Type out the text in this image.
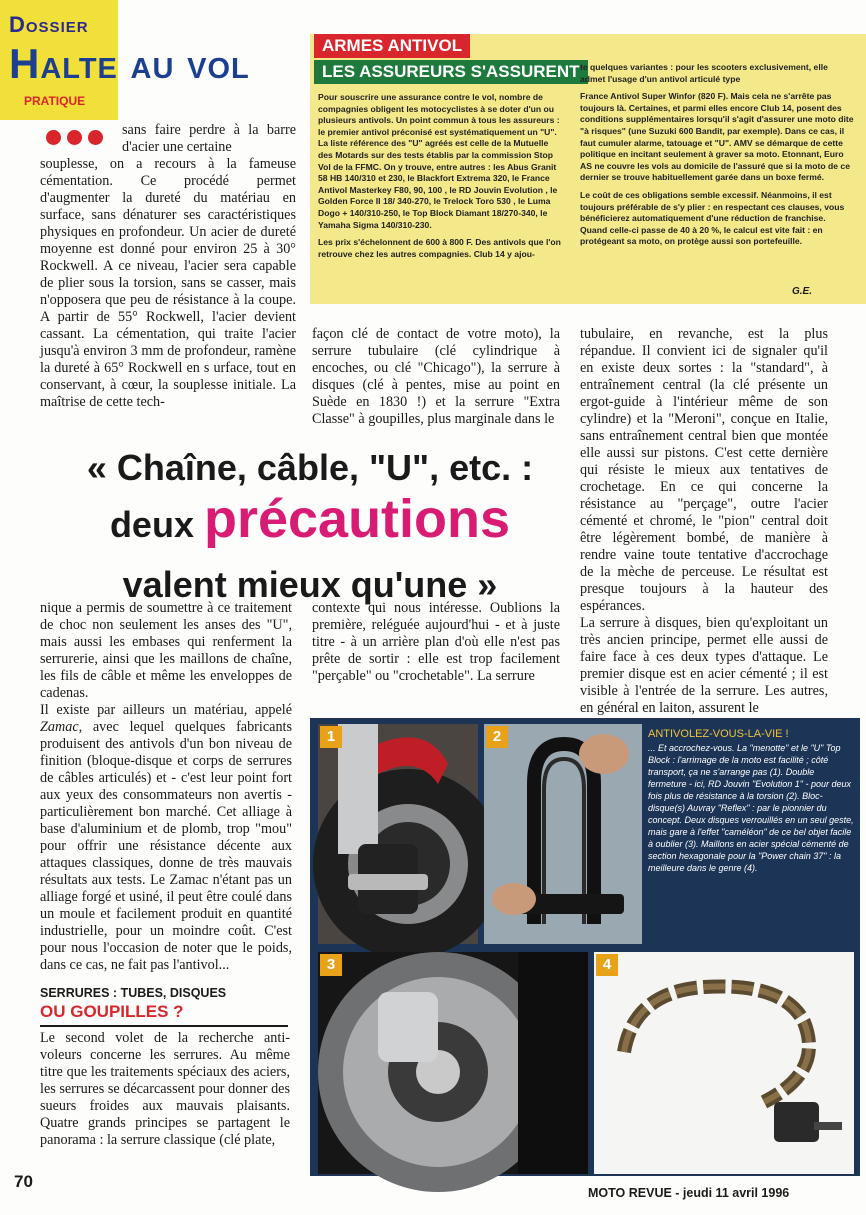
Dossier
Halte au vol
PRATIQUE
ARMES ANTIVOL
LES ASSUREURS S'ASSURENT

Pour souscrire une assurance contre le vol, nombre de compagnies obligent les motocyclistes à se doter d'un ou plusieurs antivols. Un point commun à tous les assureurs : le premier antivol préconisé est systématiquement un "U". La liste référence des "U" agréés est celle de la Mutuelle des Motards sur des tests établis par la commission Stop Vol de la FFMC. On y trouve, entre autres : les Abus Granit 58 HB 140/310 et 230, le Blackfort Extrema 320, le France Antivol Masterkey F80, 90, 100 , le RD Jouvin Evolution , le Golden Force II 18/ 340-270, le Trelock Toro 530 , le Luma Dogo + 140/310-250, le Top Block Diamant 18/270-340, le Yamaha Sigma 140/310-230.

Les prix s'échelonnent de 600 à 800 F. Des antivols que l'on retrouve chez les autres compagnies. Club 14 y ajou-

te quelques variantes : pour les scooters exclusivement, elle admet l'usage d'un antivol articulé type

France Antivol Super Winfor (820 F). Mais cela ne s'arrête pas toujours là. Certaines, et parmi elles encore Club 14, posent des conditions supplémentaires lorsqu'il s'agit d'assurer une moto dite "à risques" (une Suzuki 600 Bandit, par exemple). Dans ce cas, il faut cumuler alarme, tatouage et "U". AMV se démarque de cette politique en incitant seulement à graver sa moto. Etonnant, Euro AS ne couvre les vols au domicile de l'assuré que si la moto de ce dernier se trouve habituellement garée dans un boxe fermé.

Le coût de ces obligations semble excessif. Néanmoins, il est toujours préférable de s'y plier : en respectant ces clauses, vous bénéficierez automatiquement d'une réduction de franchise. Quand celle-ci passe de 40 à 20 %, le calcul est vite fait : en protégeant sa moto, on protège aussi son portefeuille.

G.E.
sans faire perdre à la barre d'acier une certaine
souplesse, on a recours à la fameuse cémentation. Ce procédé permet d'augmenter la dureté du matériau en surface, sans dénaturer ses caractéristiques physiques en profondeur. Un acier de dureté moyenne est donné pour environ 25 à 30° Rockwell. A ce niveau, l'acier sera capable de plier sous la torsion, sans se casser, mais n'opposera que peu de résistance à la coupe. A partir de 55° Rockwell, l'acier devient cassant. La cémentation, qui traite l'acier jusqu'à environ 3 mm de profondeur, ramène la dureté à 65° Rockwell en s urface, tout en conservant, à cœur, la souplesse initiale. La maîtrise de cette tech-
façon clé de contact de votre moto), la serrure tubulaire (clé cylindrique à encoches, ou clé "Chicago"), la serrure à disques (clé à pentes, mise au point en Suède en 1830 !) et la serrure "Extra Classe" à goupilles, plus marginale dans le

tubulaire, en revanche, est la plus répandue. Il convient ici de signaler qu'il en existe deux sortes : la "standard", à entraînement central (la clé présente un ergot-guide à l'intérieur même de son cylindre) et la "Meroni", conçue en Italie, sans entraînement central bien que montée elle aussi sur pistons. C'est cette dernière qui résiste le mieux aux tentatives de crochetage. En ce qui concerne la résistance au "perçage", outre l'acier cémenté et chromé, le "pion" central doit être légèrement bombé, de manière à rendre vaine toute tentative d'accrochage de la mèche de perceuse. Le résultat est presque toujours à la hauteur des espérances.

La serrure à disques, bien qu'exploitant un très ancien principe, permet elle aussi de faire face à ces deux types d'attaque. Le premier disque est en acier cémenté ; il est visible à l'entrée de la serrure. Les autres, en général en laiton, assurent le

« Chaîne, câble, "U", etc. :
deux précautions
valent mieux qu'une »

nique a permis de soumettre à ce traitement de choc non seulement les anses des "U", mais aussi les embases qui renferment la serrurerie, ainsi que les maillons de chaîne, les fils de câble et même les enveloppes de cadenas.

Il existe par ailleurs un matériau, appelé Zamac, avec lequel quelques fabricants produisent des antivols d'un bon niveau de finition (bloque-disque et corps de serrures de câbles articulés) et - c'est leur point fort aux yeux des consommateurs non avertis - particulièrement bon marché. Cet alliage à base d'aluminium et de plomb, trop "mou" pour offrir une résistance décente aux attaques classiques, donne de très mauvais résultats aux tests. Le Zamac n'étant pas un alliage forgé et usiné, il peut être coulé dans un moule et facilement produit en quantité industrielle, pour un moindre coût. C'est pour nous l'occasion de noter que le poids, dans ce cas, ne fait pas l'antivol...

contexte qui nous intéresse. Oublions la première, reléguée aujourd'hui - et à juste titre - à un arrière plan d'où elle n'est pas prête de sortir : elle est trop facilement "perçable" ou "crochetable". La serrure
SERRURES : TUBES, DISQUES
OU GOUPILLES ?
Le second volet de la recherche anti-voleurs concerne les serrures. Au même titre que les traitements spéciaux des aciers, les serrures se décarcassent pour donner des sueurs froides aux mauvais plaisants. Quatre grands principes se partagent le panorama : la serrure classique (clé plate,
1	2	ANTIVOLEZ-VOUS-LA-VIE !
... Et accrochez-vous. La "menotte" et le "U" Top Block : l'arrimage de la moto est facilité ; côté transport, ça ne s'arrange pas (1). Double fermeture - ici, RD Jouvin "Evolution 1" - pour deux fois plus de résistance à la torsion (2). Bloc-disque(s) Auvray "Reflex" : par le pionnier du concept. Deux disques verrouillés en un seul geste, mais gare à l'effet "caméléon" de ce bel objet facile à oublier (3). Maillons en acier spécial cémenté de section hexagonale pour la "Power chain 37" : la meilleure dans le genre (4).
3	4
70
MOTO REVUE - jeudi 11 avril 1996
